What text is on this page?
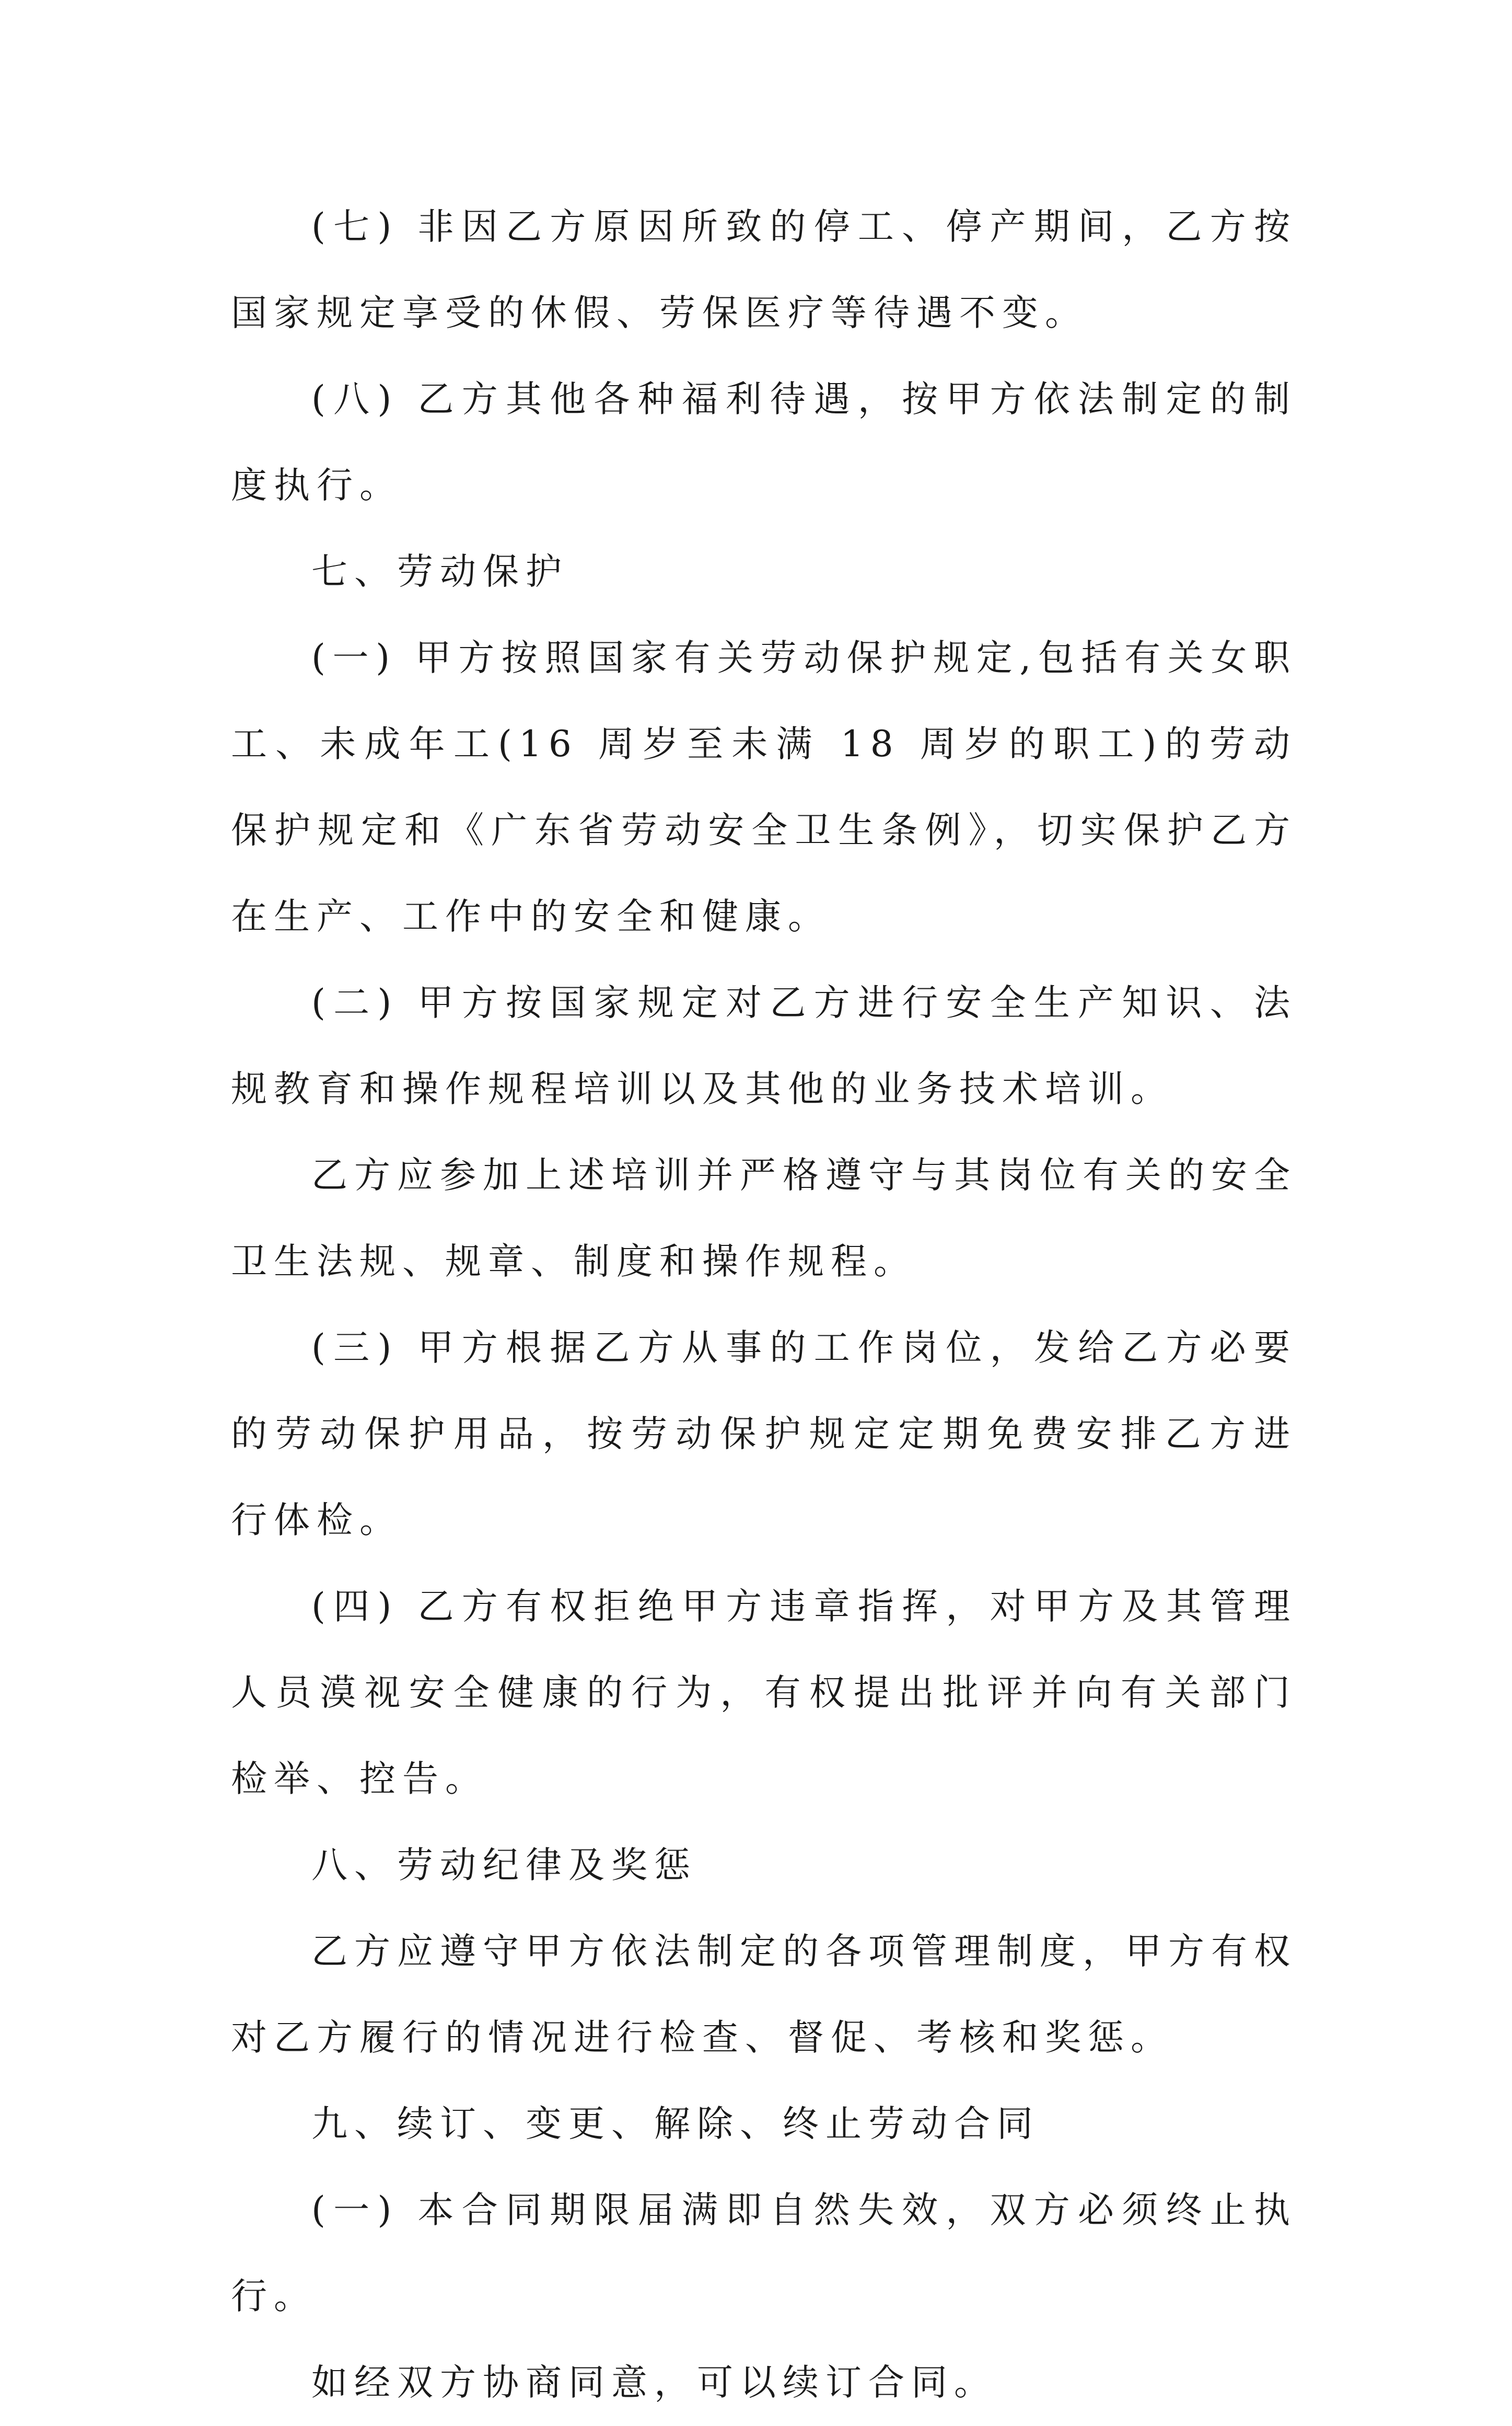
(七) 非因乙方原因所致的停工、停产期间，乙方按国家规定享受的休假、劳保医疗等待遇不变。

(八) 乙方其他各种福利待遇，按甲方依法制定的制度执行。

七、劳动保护

(一) 甲方按照国家有关劳动保护规定,包括有关女职工、未成年工(16 周岁至未满 18 周岁的职工)的劳动保护规定和《广东省劳动安全卫生条例》，切实保护乙方在生产、工作中的安全和健康。

(二) 甲方按国家规定对乙方进行安全生产知识、法规教育和操作规程培训以及其他的业务技术培训。

乙方应参加上述培训并严格遵守与其岗位有关的安全卫生法规、规章、制度和操作规程。

(三) 甲方根据乙方从事的工作岗位，发给乙方必要的劳动保护用品，按劳动保护规定定期免费安排乙方进行体检。

(四) 乙方有权拒绝甲方违章指挥，对甲方及其管理人员漠视安全健康的行为，有权提出批评并向有关部门检举、控告。

八、劳动纪律及奖惩

乙方应遵守甲方依法制定的各项管理制度，甲方有权对乙方履行的情况进行检查、督促、考核和奖惩。

九、续订、变更、解除、终止劳动合同

(一) 本合同期限届满即自然失效，双方必须终止执行。

如经双方协商同意，可以续订合同。
